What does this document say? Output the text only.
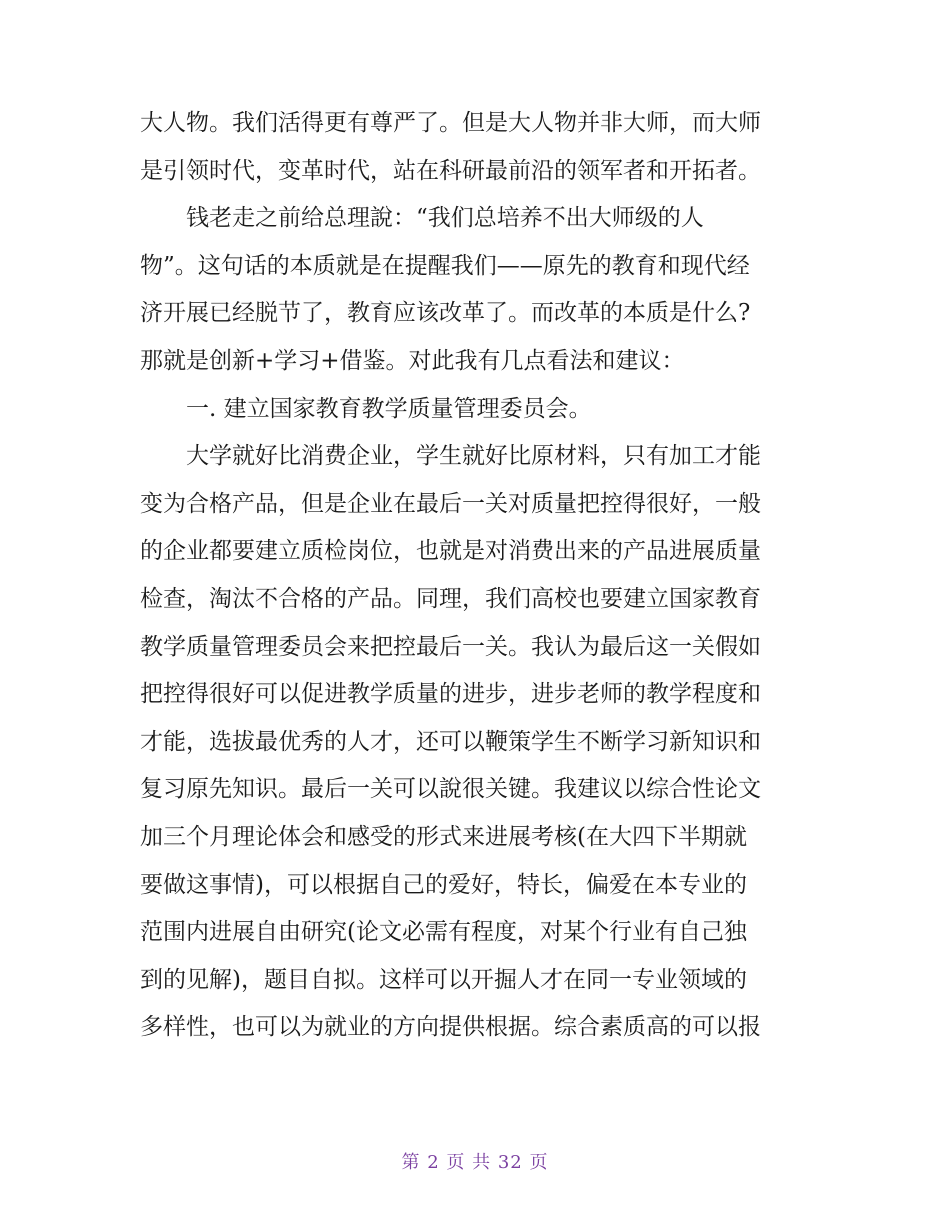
大人物。我们活得更有尊严了。但是大人物并非大师，而大师
是引领时代，变革时代，站在科研最前沿的领军者和开拓者。
钱老走之前给总理說：“我们总培养不出大师级的人
物”。这句话的本质就是在提醒我们——原先的教育和现代经
济开展已经脱节了，教育应该改革了。而改革的本质是什么?
那就是创新+学习+借鉴。对此我有几点看法和建议：
一. 建立国家教育教学质量管理委员会。
大学就好比消费企业，学生就好比原材料，只有加工才能
变为合格产品，但是企业在最后一关对质量把控得很好，一般
的企业都要建立质检岗位，也就是对消费出来的产品进展质量
检查，淘汰不合格的产品。同理，我们高校也要建立国家教育
教学质量管理委员会来把控最后一关。我认为最后这一关假如
把控得很好可以促进教学质量的进步，进步老师的教学程度和
才能，选拔最优秀的人才，还可以鞭策学生不断学习新知识和
复习原先知识。最后一关可以說很关键。我建议以综合性论文
加三个月理论体会和感受的形式来进展考核(在大四下半期就
要做这事情)，可以根据自己的爱好，特长，偏爱在本专业的
范围内进展自由研究(论文必需有程度，对某个行业有自己独
到的见解)，题目自拟。这样可以开掘人才在同一专业领域的
多样性，也可以为就业的方向提供根据。综合素质高的可以报
第 2 页 共 32 页
